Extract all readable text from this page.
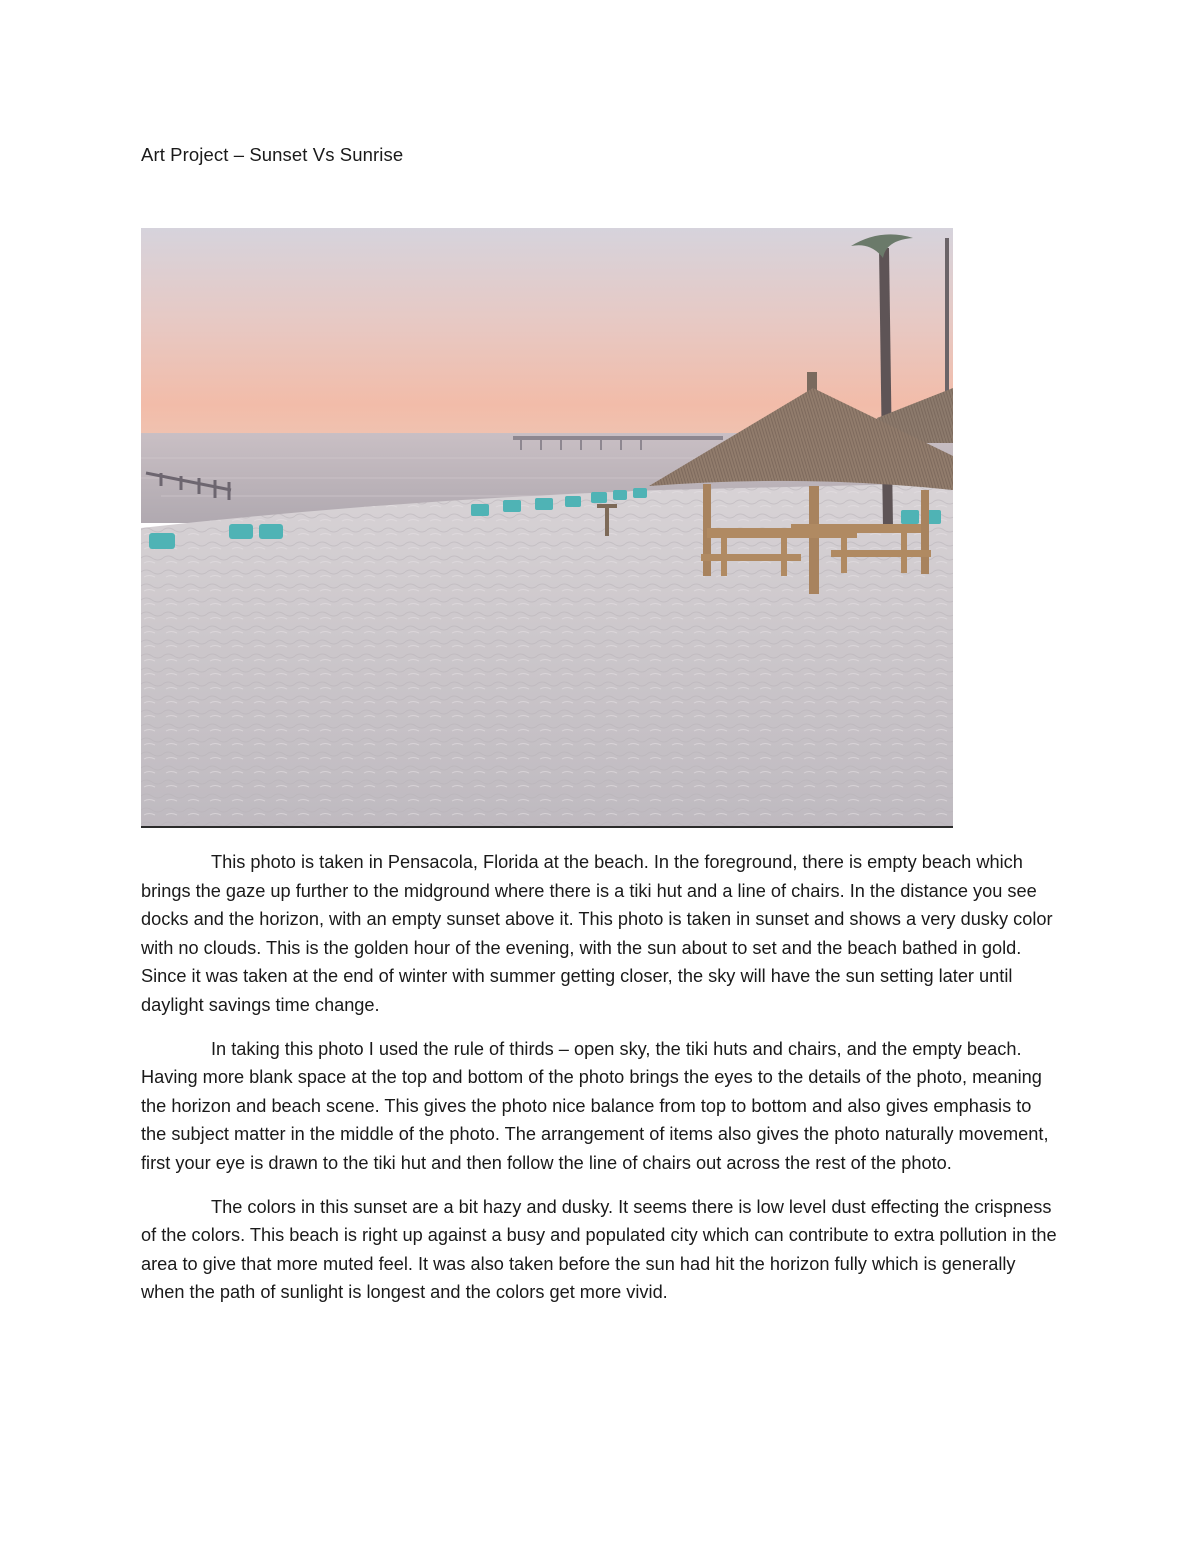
Art Project – Sunset Vs Sunrise

This photo is taken in Pensacola, Florida at the beach. In the foreground, there is empty beach which brings the gaze up further to the midground where there is a tiki hut and a line of chairs. In the distance you see docks and the horizon, with an empty sunset above it. This photo is taken in sunset and shows a very dusky color with no clouds. This is the golden hour of the evening, with the sun about to set and the beach bathed in gold. Since it was taken at the end of winter with summer getting closer, the sky will have the sun setting later until daylight savings time change.

In taking this photo I used the rule of thirds – open sky, the tiki huts and chairs, and the empty beach. Having more blank space at the top and bottom of the photo brings the eyes to the details of the photo, meaning the horizon and beach scene. This gives the photo nice balance from top to bottom and also gives emphasis to the subject matter in the middle of the photo. The arrangement of items also gives the photo naturally movement, first your eye is drawn to the tiki hut and then follow the line of chairs out across the rest of the photo.

The colors in this sunset are a bit hazy and dusky. It seems there is low level dust effecting the crispness of the colors. This beach is right up against a busy and populated city which can contribute to extra pollution in the area to give that more muted feel. It was also taken before the sun had hit the horizon fully which is generally when the path of sunlight is longest and the colors get more vivid.
